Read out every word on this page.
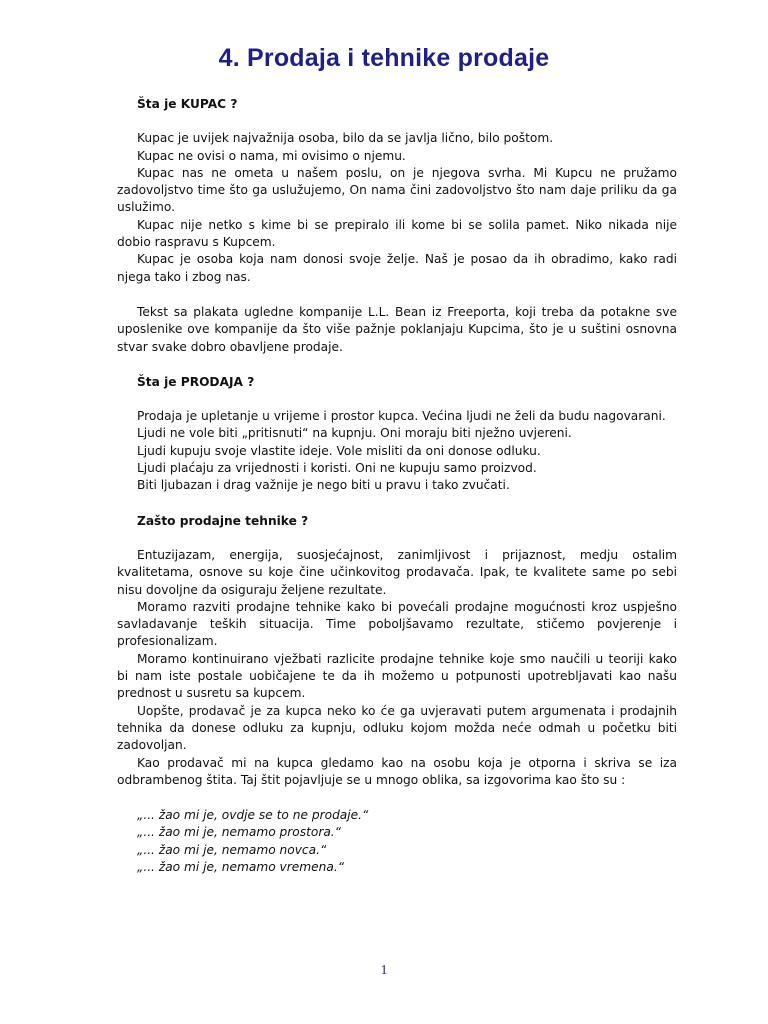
4. Prodaja i tehnike prodaje

Šta je KUPAC ?

Kupac je uvijek najvažnija osoba, bilo da se javlja lično, bilo poštom.

Kupac ne ovisi o nama, mi ovisimo o njemu.

Kupac nas ne ometa u našem poslu, on je njegova svrha. Mi Kupcu ne pružamo zadovoljstvo time što ga uslužujemo, On nama čini zadovoljstvo što nam daje priliku da ga uslužimo.

Kupac nije netko s kime bi se prepiralo ili kome bi se solila pamet. Niko nikada nije dobio raspravu s Kupcem.

Kupac je osoba koja nam donosi svoje želje. Naš je posao da ih obradimo, kako radi njega tako i zbog nas.

Tekst sa plakata ugledne kompanije L.L. Bean iz Freeporta, koji treba da potakne sve uposlenike ove kompanije da što više pažnje poklanjaju Kupcima, što je u suštini osnovna stvar svake dobro obavljene prodaje.

Šta je PRODAJA ?

Prodaja je upletanje u vrijeme i prostor kupca. Većina ljudi ne želi da budu nagovarani.

Ljudi ne vole biti „pritisnuti“ na kupnju. Oni moraju biti nježno uvjereni.

Ljudi kupuju svoje vlastite ideje. Vole misliti da oni donose odluku.

Ljudi plaćaju za vrijednosti i koristi. Oni ne kupuju samo proizvod.

Biti ljubazan i drag važnije je nego biti u pravu i tako zvučati.

Zašto prodajne tehnike ?

Entuzijazam, energija, suosjećajnost, zanimljivost i prijaznost, medju ostalim kvalitetama, osnove su koje čine učinkovitog prodavača. Ipak, te kvalitete same po sebi nisu dovoljne da osiguraju željene rezultate.

Moramo razviti prodajne tehnike kako bi povećali prodajne mogućnosti kroz uspješno savladavanje teških situacija. Time poboljšavamo rezultate, stičemo povjerenje i profesionalizam.

Moramo kontinuirano vježbati razlicite prodajne tehnike koje smo naučili u teoriji kako bi nam iste postale uobičajene te da ih možemo u potpunosti upotrebljavati kao našu prednost u susretu sa kupcem.

Uopšte, prodavač je za kupca neko ko će ga uvjeravati putem argumenata i prodajnih tehnika da donese odluku za kupnju, odluku kojom možda neće odmah u početku biti zadovoljan.

Kao prodavač mi na kupca gledamo kao na osobu koja je otporna i skriva se iza odbrambenog štita. Taj štit pojavljuje se u mnogo oblika, sa izgovorima kao što su :

„... žao mi je, ovdje se to ne prodaje.“

„... žao mi je, nemamo prostora.“

„... žao mi je, nemamo novca.“

„... žao mi je, nemamo vremena.“

1
